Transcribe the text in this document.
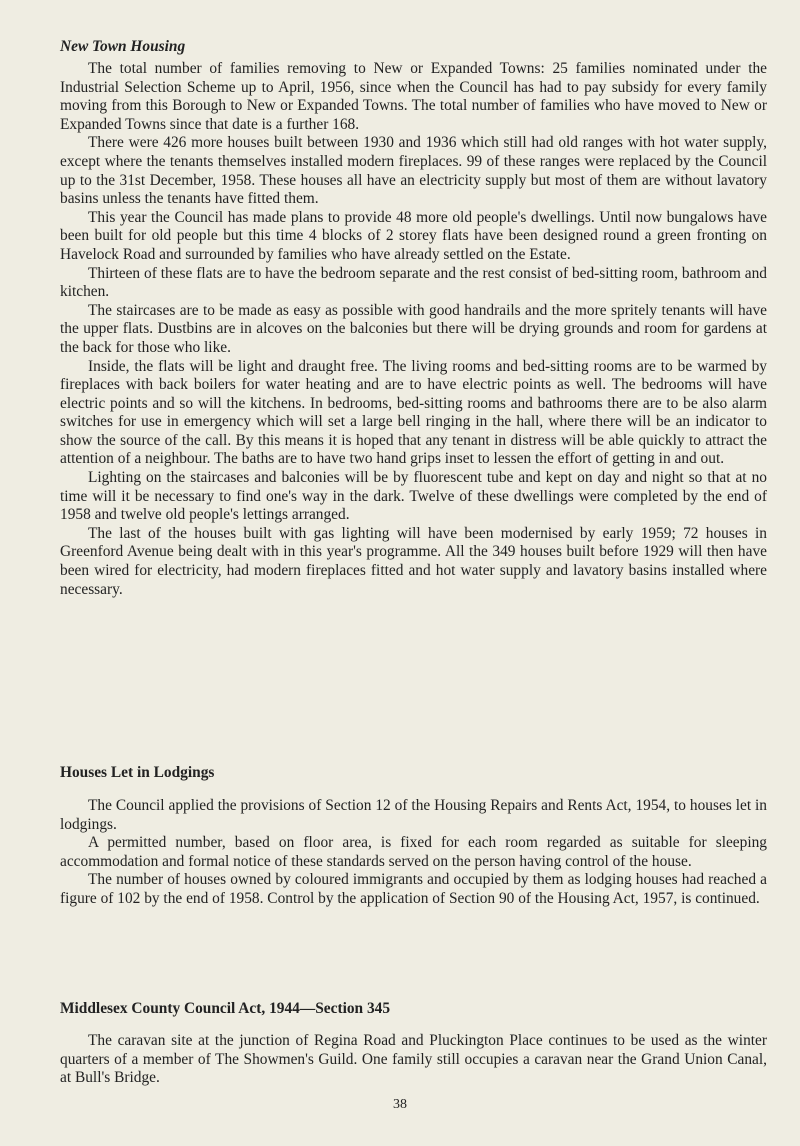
New Town Housing

The total number of families removing to New or Expanded Towns: 25 families nominated under the Industrial Selection Scheme up to April, 1956, since when the Council has had to pay subsidy for every family moving from this Borough to New or Expanded Towns. The total number of families who have moved to New or Expanded Towns since that date is a further 168.

There were 426 more houses built between 1930 and 1936 which still had old ranges with hot water supply, except where the tenants themselves installed modern fireplaces. 99 of these ranges were replaced by the Council up to the 31st December, 1958. These houses all have an electricity supply but most of them are without lavatory basins unless the tenants have fitted them.

This year the Council has made plans to provide 48 more old people's dwellings. Until now bungalows have been built for old people but this time 4 blocks of 2 storey flats have been designed round a green fronting on Havelock Road and surrounded by families who have already settled on the Estate.

Thirteen of these flats are to have the bedroom separate and the rest consist of bed-sitting room, bathroom and kitchen.

The staircases are to be made as easy as possible with good handrails and the more spritely tenants will have the upper flats. Dustbins are in alcoves on the balconies but there will be drying grounds and room for gardens at the back for those who like.

Inside, the flats will be light and draught free. The living rooms and bed-sitting rooms are to be warmed by fireplaces with back boilers for water heating and are to have electric points as well. The bedrooms will have electric points and so will the kitchens. In bedrooms, bed-sitting rooms and bathrooms there are to be also alarm switches for use in emergency which will set a large bell ringing in the hall, where there will be an indicator to show the source of the call. By this means it is hoped that any tenant in distress will be able quickly to attract the attention of a neighbour. The baths are to have two hand grips inset to lessen the effort of getting in and out.

Lighting on the staircases and balconies will be by fluorescent tube and kept on day and night so that at no time will it be necessary to find one's way in the dark. Twelve of these dwellings were completed by the end of 1958 and twelve old people's lettings arranged.

The last of the houses built with gas lighting will have been modernised by early 1959; 72 houses in Greenford Avenue being dealt with in this year's programme. All the 349 houses built before 1929 will then have been wired for electricity, had modern fireplaces fitted and hot water supply and lavatory basins installed where necessary.

Houses Let in Lodgings

The Council applied the provisions of Section 12 of the Housing Repairs and Rents Act, 1954, to houses let in lodgings.

A permitted number, based on floor area, is fixed for each room regarded as suitable for sleeping accommodation and formal notice of these standards served on the person having control of the house.

The number of houses owned by coloured immigrants and occupied by them as lodging houses had reached a figure of 102 by the end of 1958. Control by the application of Section 90 of the Housing Act, 1957, is continued.

Middlesex County Council Act, 1944—Section 345

The caravan site at the junction of Regina Road and Pluckington Place continues to be used as the winter quarters of a member of The Showmen's Guild. One family still occupies a caravan near the Grand Union Canal, at Bull's Bridge.

38
